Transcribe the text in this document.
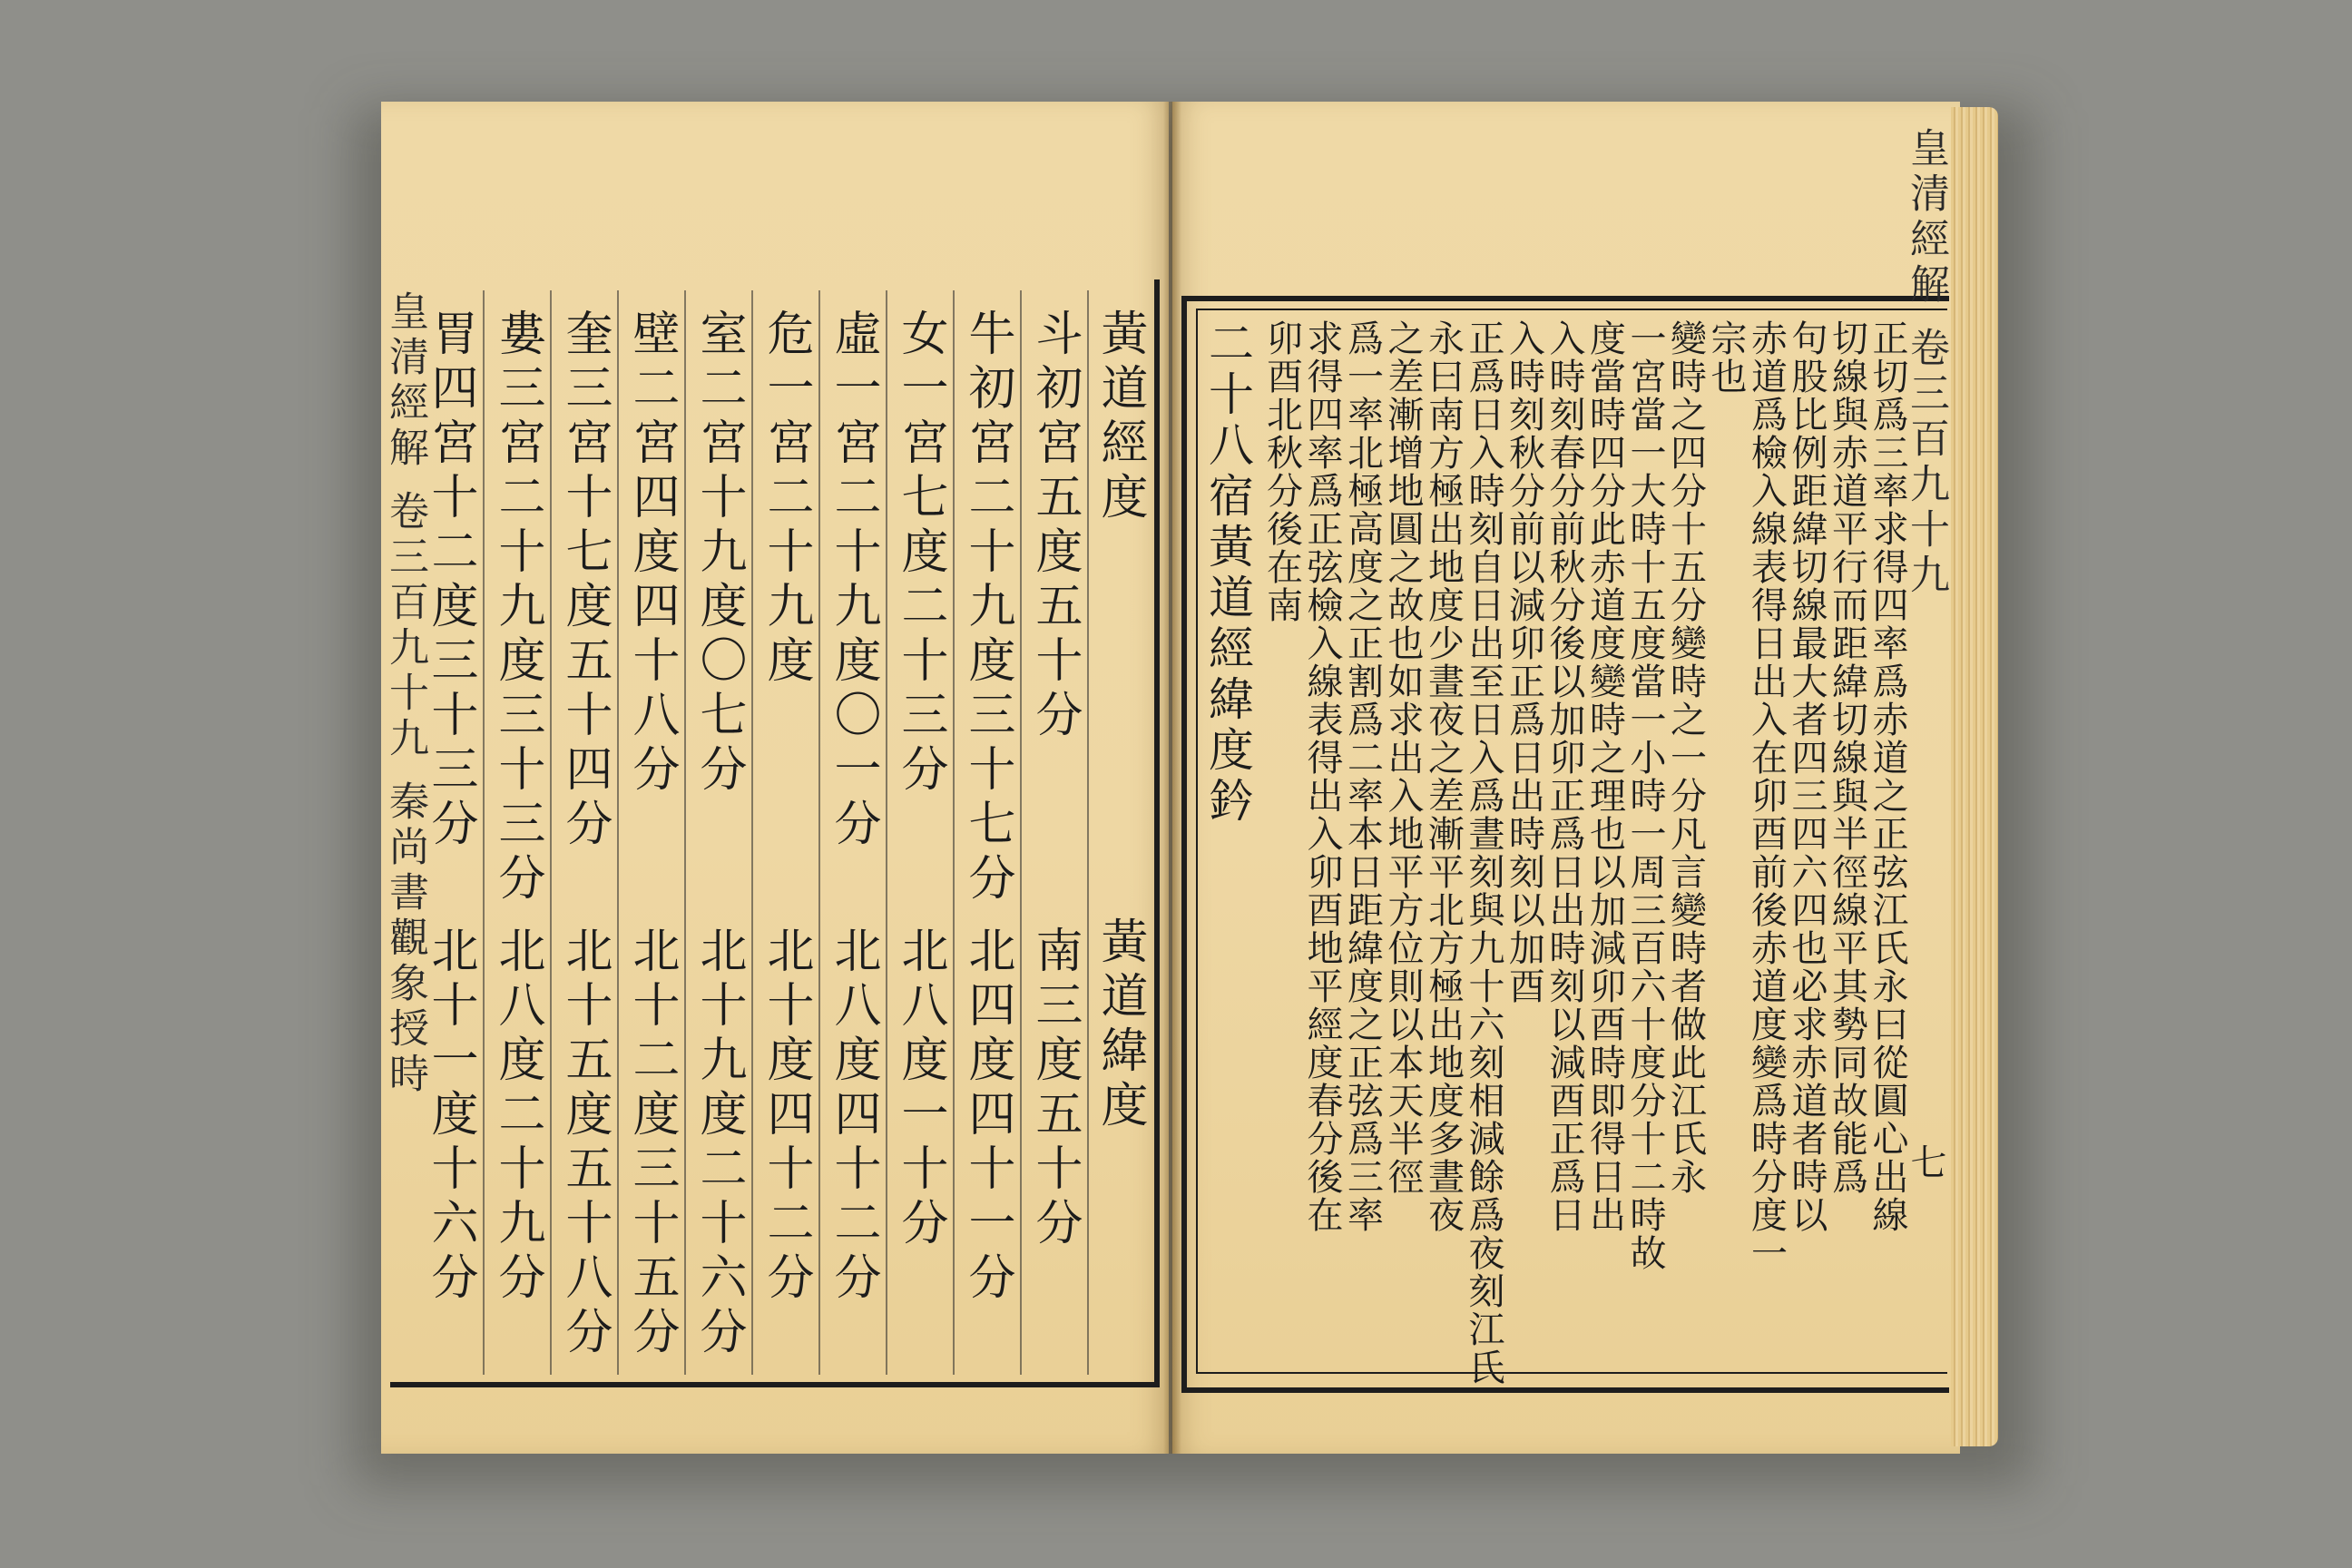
皇清經解 卷三百九十九 秦尚書觀象授時
黃道經度
黃道緯度
斗初宮五度五十分
南三度五十分
牛初宮二十九度三十七分
北四度四十一分
女一宮七度二十三分
北八度一十分
虛一宮二十九度〇一分
北八度四十二分
危一宮二十九度
北十度四十二分
室二宮十九度〇七分
北十九度二十六分
壁二宮四度四十八分
北十二度三十五分
奎三宮十七度五十四分
北十五度五十八分
婁三宮二十九度三十三分
北八度二十九分
胃四宮十二度三十三分
北十一度十六分
皇清經解 卷三百九十九
七
正切爲三率求得四率爲赤道之正弦江氏永曰從圓心出線
切線與赤道平行而距緯切線與半徑線平其勢同故能爲
句股比例距緯切線最大者四三四六四也必求赤道者時以
赤道爲檢入線表得日出入在卯酉前後赤道度變爲時分度一
宗也
變時之四分十五分變時之一分凡言變時者做此江氏永
一宮當一大時十五度當一小時一周三百六十度分十二時故
度當時四分此赤道度變時之理也以加減卯酉時即得日出
入時刻春分前秋分後以加卯正爲日出時刻以減酉正爲日
入時刻秋分前以減卯正爲日出時刻以加酉
正爲日入時刻自日出至日入爲晝刻與九十六刻相減餘爲夜刻江氏
永曰南方極出地度少晝夜之差漸平北方極出地度多晝夜
之差漸增地圓之故也如求出入地平方位則以本天半徑
爲一率北極高度之正割爲二率本日距緯度之正弦爲三率
求得四率爲正弦檢入線表得出入卯酉地平經度春分後在
卯酉北秋分後在南
二十八宿黃道經緯度鈐
